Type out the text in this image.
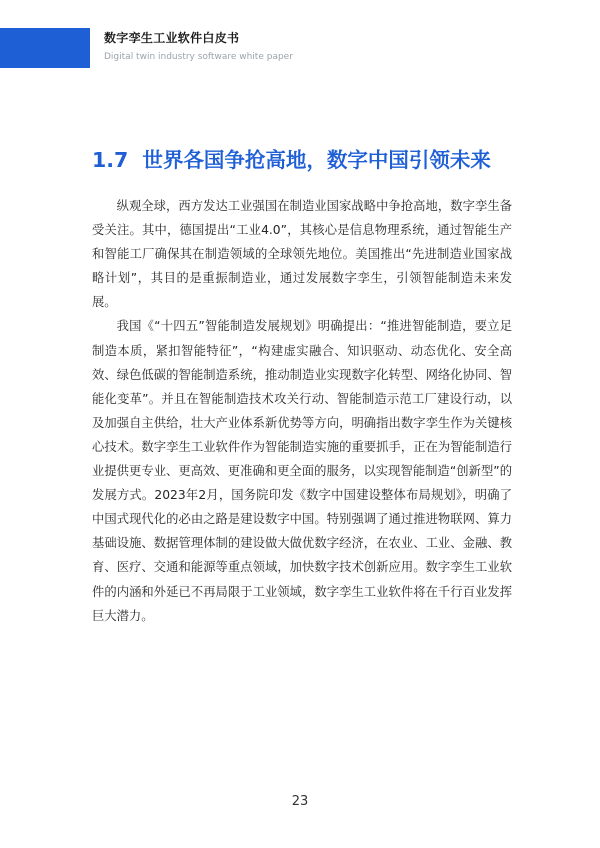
数字孪生工业软件白皮书
Digital twin industry software white paper
1.7 世界各国争抢高地，数字中国引领未来

纵观全球，西方发达工业强国在制造业国家战略中争抢高地，数字孪生备受关注。其中，德国提出“工业4.0”，其核心是信息物理系统，通过智能生产和智能工厂确保其在制造领域的全球领先地位。美国推出“先进制造业国家战略计划”，其目的是重振制造业，通过发展数字孪生，引领智能制造未来发展。

我国《“十四五”智能制造发展规划》明确提出：“推进智能制造，要立足制造本质，紧扣智能特征”，“构建虚实融合、知识驱动、动态优化、安全高效、绿色低碳的智能制造系统，推动制造业实现数字化转型、网络化协同、智能化变革”。并且在智能制造技术攻关行动、智能制造示范工厂建设行动，以及加强自主供给，壮大产业体系新优势等方向，明确指出数字孪生作为关键核心技术。数字孪生工业软件作为智能制造实施的重要抓手，正在为智能制造行业提供更专业、更高效、更准确和更全面的服务，以实现智能制造“创新型”的发展方式。2023年2月，国务院印发《数字中国建设整体布局规划》，明确了中国式现代化的必由之路是建设数字中国。特别强调了通过推进物联网、算力基础设施、数据管理体制的建设做大做优数字经济，在农业、工业、金融、教育、医疗、交通和能源等重点领域，加快数字技术创新应用。数字孪生工业软件的内涵和外延已不再局限于工业领域，数字孪生工业软件将在千行百业发挥巨大潜力。

23
